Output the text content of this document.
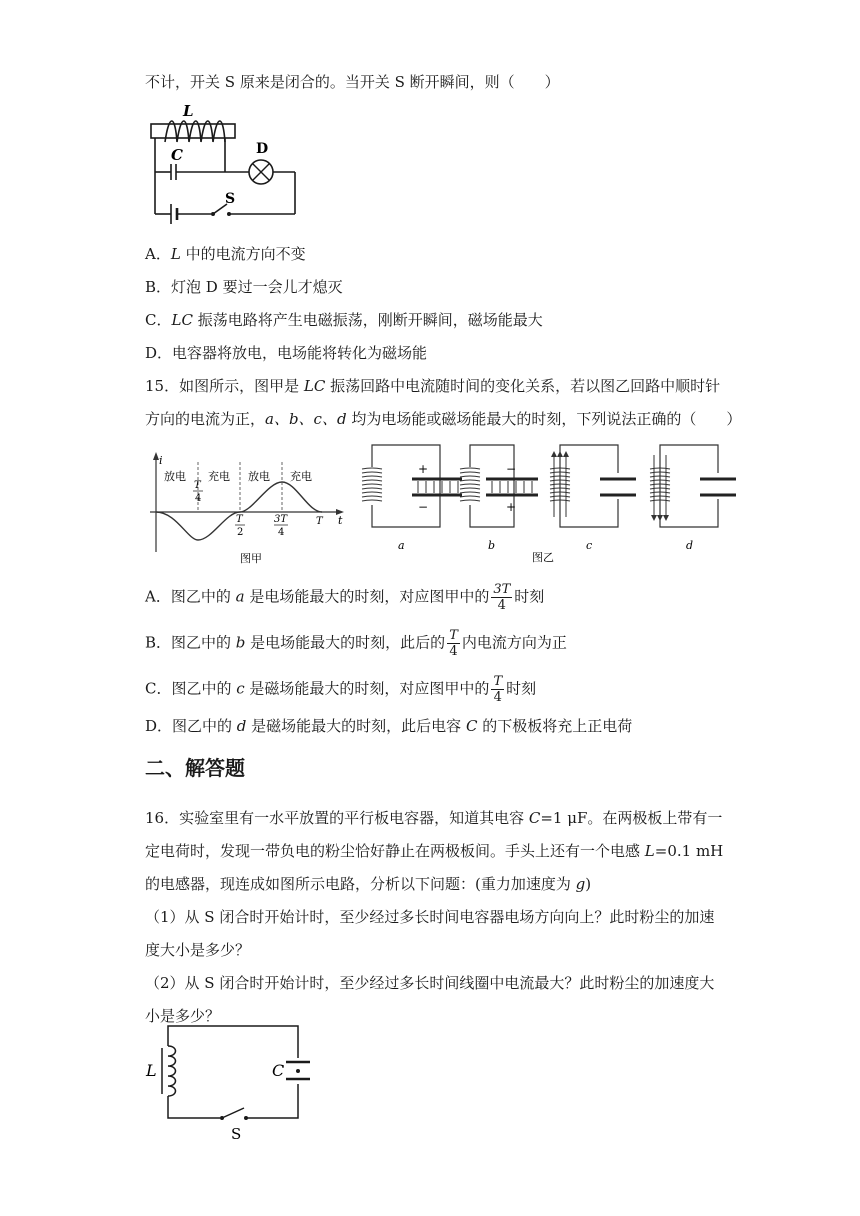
不计，开关 S 原来是闭合的。当开关 S 断开瞬间，则（　　）
L
C	D
S
A．L 中的电流方向不变
B．灯泡 D 要过一会儿才熄灭
C．LC 振荡电路将产生电磁振荡，刚断开瞬间，磁场能最大
D．电容器将放电，电场能将转化为磁场能
15．如图所示，图甲是 LC 振荡回路中电流随时间的变化关系，若以图乙回路中顺时针
方向的电流为正，a、b、c、d 均为电场能或磁场能最大的时刻，下列说法正确的（　　）
i
t
放电 充电 放电 充电
T
4
T
2
3T
4
T
图甲
+
−
a
−
+
b	c	d
图乙
A．图乙中的 a 是电场能最大的时刻，对应图甲中的 $\frac{3T}{4}$ 时刻
B．图乙中的 b 是电场能最大的时刻，此后的 $\frac{T}{4}$ 内电流方向为正
C．图乙中的 c 是磁场能最大的时刻，对应图甲中的 $\frac{T}{4}$ 时刻
D．图乙中的 d 是磁场能最大的时刻，此后电容 C 的下极板将充上正电荷
二、解答题
16．实验室里有一水平放置的平行板电容器，知道其电容 C=1 μF。在两极板上带有一
定电荷时，发现一带负电的粉尘恰好静止在两极板间。手头上还有一个电感 L=0.1 mH
的电感器，现连成如图所示电路，分析以下问题：(重力加速度为 g)
（1）从 S 闭合时开始计时，至少经过多长时间电容器电场方向向上？此时粉尘的加速
度大小是多少？
（2）从 S 闭合时开始计时，至少经过多长时间线圈中电流最大？此时粉尘的加速度大
小是多少？
L	C
S
